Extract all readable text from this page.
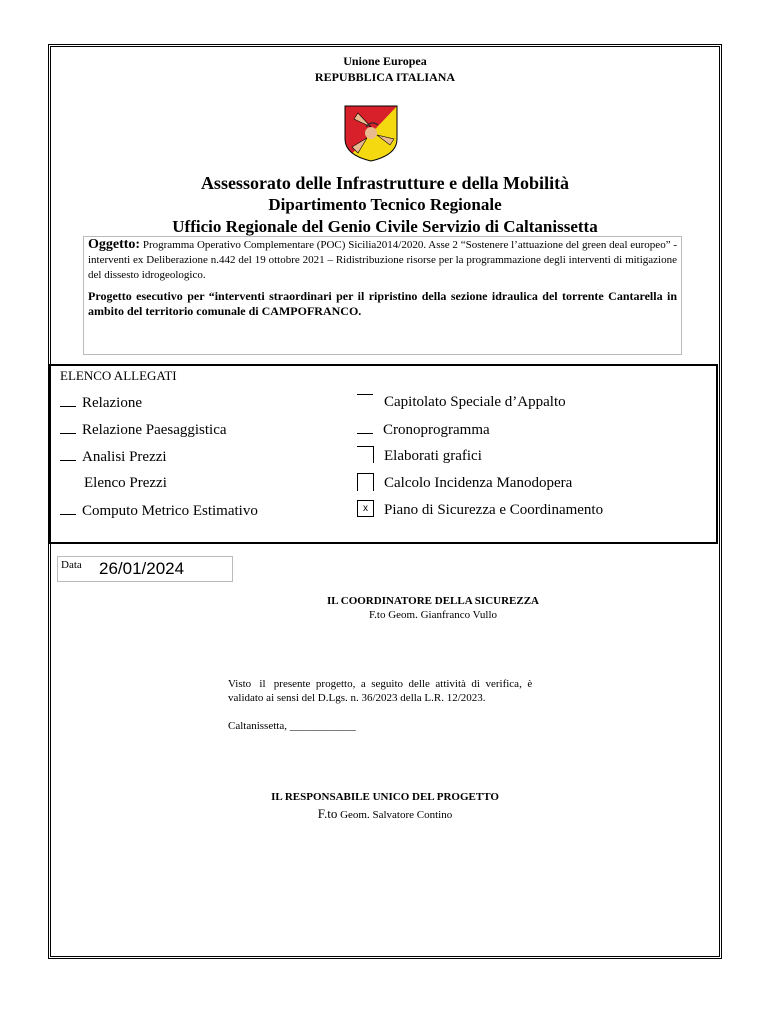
Unione Europea
REPUBBLICA ITALIANA
Assessorato delle Infrastrutture e della Mobilità
Dipartimento Tecnico Regionale
Ufficio Regionale del Genio Civile Servizio di Caltanissetta
Oggetto: Programma Operativo Complementare (POC) Sicilia2014/2020. Asse 2 “Sostenere l’attuazione del green deal europeo” - interventi ex Deliberazione n.442 del 19 ottobre 2021 – Ridistribuzione risorse per la programmazione degli interventi di mitigazione del dissesto idrogeologico.
Progetto esecutivo per “interventi straordinari per il ripristino della sezione idraulica del torrente Cantarella in ambito del territorio comunale di CAMPOFRANCO.
ELENCO ALLEGATI
Relazione
Relazione Paesaggistica
Analisi Prezzi
Elenco Prezzi
Computo Metrico Estimativo
Capitolato Speciale d’Appalto
Cronoprogramma
Elaborati grafici
Calcolo Incidenza Manodopera
x	Piano di Sicurezza e Coordinamento
Data 26/01/2024
IL COORDINATORE DELLA SICUREZZA
F.to Geom. Gianfranco Vullo
Visto   il   presente  progetto,  a  seguito  delle  attività  di  verifica,  è
validato ai sensi del D.Lgs. n. 36/2023 della L.R. 12/2023.
Caltanissetta, ____________
IL RESPONSABILE UNICO DEL PROGETTO
F.to Geom. Salvatore Contino
